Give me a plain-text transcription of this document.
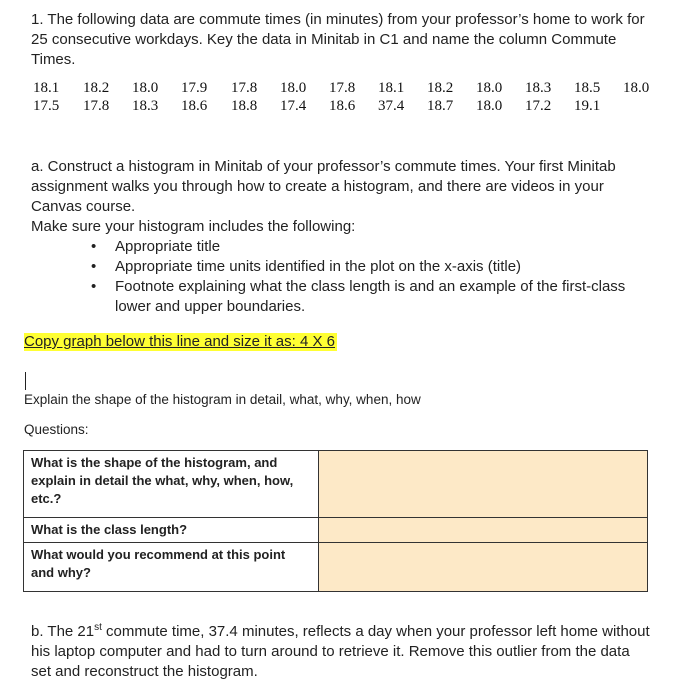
1. The following data are commute times (in minutes) from your professor’s home to work for 25 consecutive workdays. Key the data in Minitab in C1 and name the column Commute Times.
18.1 18.2 18.0 17.9 17.8 18.0 17.8 18.1 18.2 18.0 18.3 18.5 18.0
17.5 17.8 18.3 18.6 18.8 17.4 18.6 37.4 18.7 18.0 17.2 19.1
a. Construct a histogram in Minitab of your professor’s commute times. Your first Minitab assignment walks you through how to create a histogram, and there are videos in your Canvas course.
Make sure your histogram includes the following:
• Appropriate title
• Appropriate time units identified in the plot on the x-axis (title)
• Footnote explaining what the class length is and an example of the first-class lower and upper boundaries.
Copy graph below this line and size it as: 4 X 6
Explain the shape of the histogram in detail, what, why, when, how
Questions:
What is the shape of the histogram, and explain in detail the what, why, when, how, etc.?	
What is the class length?	
What would you recommend at this point and why?	
b. The 21st commute time, 37.4 minutes, reflects a day when your professor left home without his laptop computer and had to turn around to retrieve it. Remove this outlier from the data set and reconstruct the histogram.
